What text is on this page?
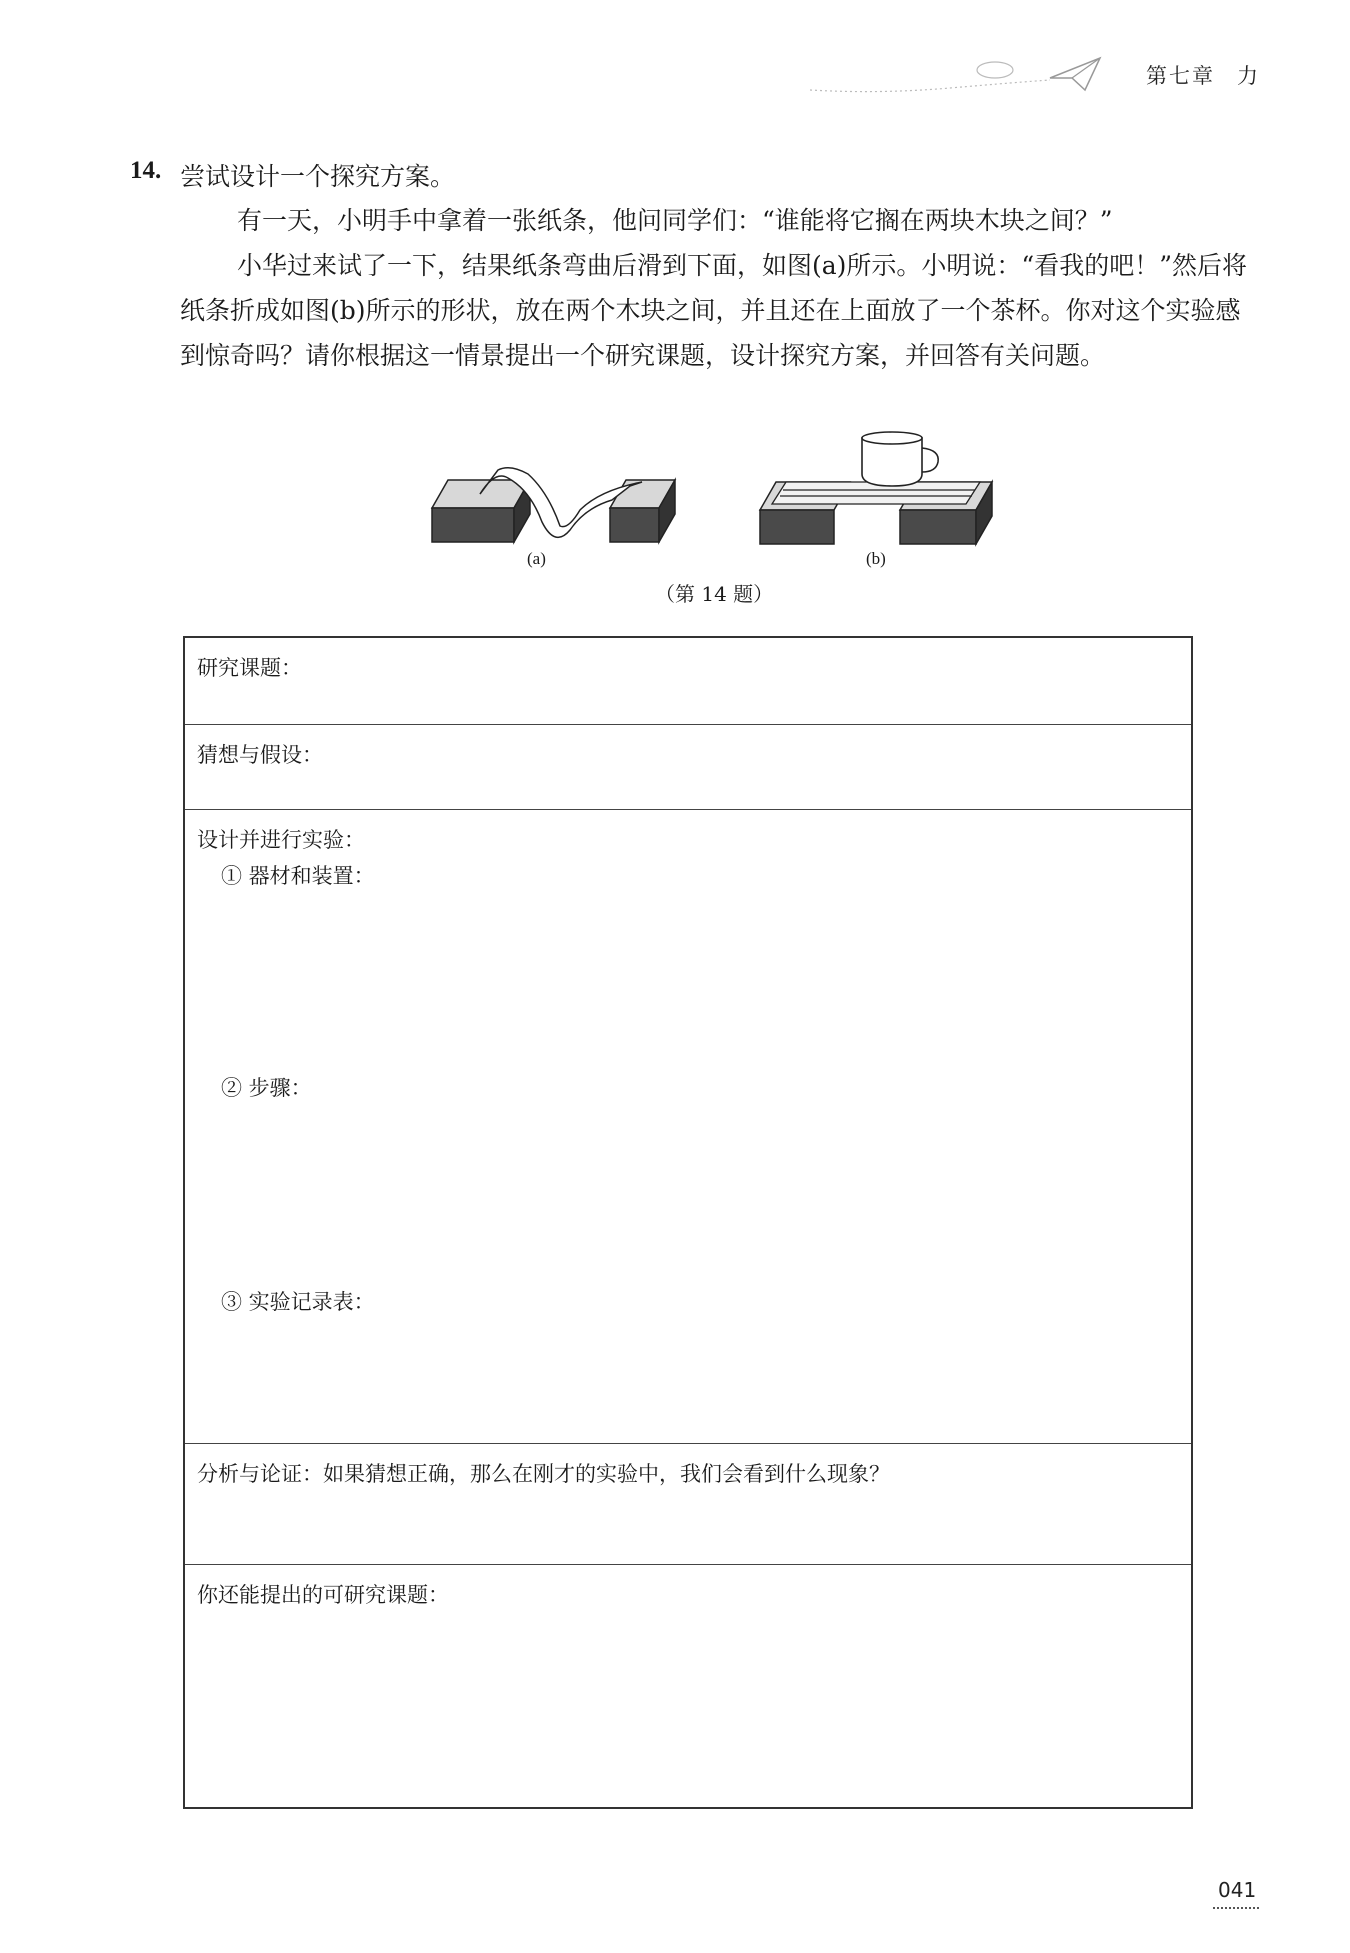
第七章 力
14. 尝试设计一个探究方案。

有一天，小明手中拿着一张纸条，他问同学们：“谁能将它搁在两块木块之间？”

小华过来试了一下，结果纸条弯曲后滑到下面，如图(a)所示。小明说：“看我的吧！”然后将纸条折成如图(b)所示的形状，放在两个木块之间，并且还在上面放了一个茶杯。你对这个实验感到惊奇吗？请你根据这一情景提出一个研究课题，设计探究方案，并回答有关问题。

(a)	(b)
（第 14 题）
研究课题：
猜想与假设：
设计并进行实验：
① 器材和装置：
② 步骤：
③ 实验记录表：
分析与论证：如果猜想正确，那么在刚才的实验中，我们会看到什么现象？
你还能提出的可研究课题：
041
